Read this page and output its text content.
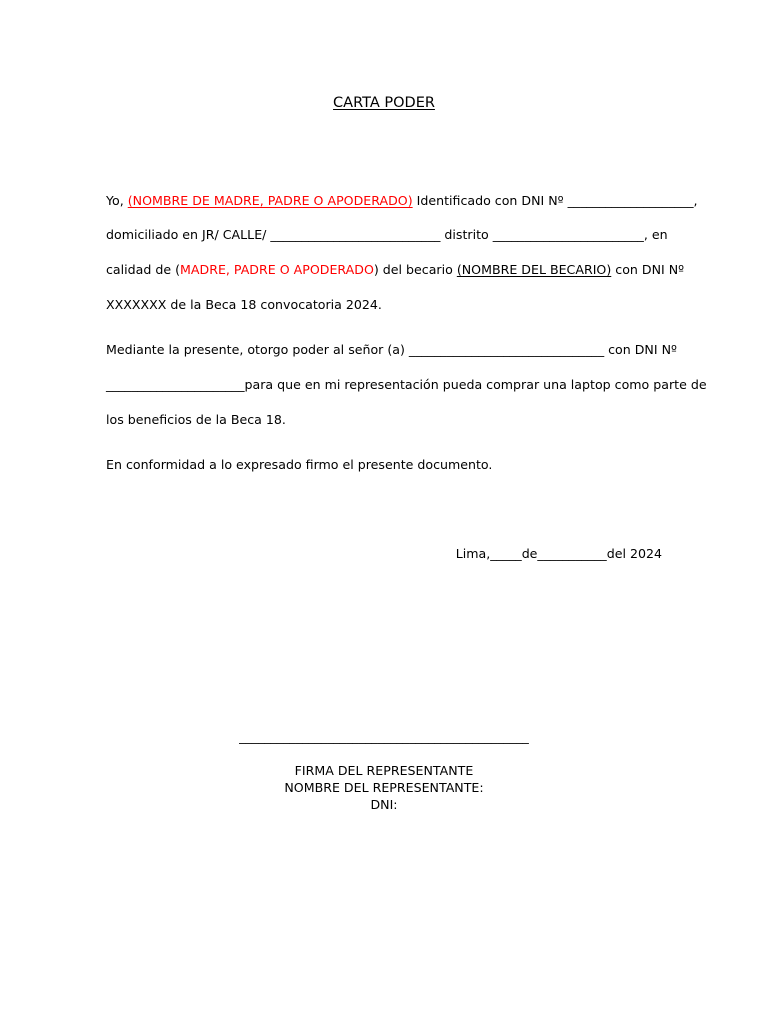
CARTA PODER
Yo, (NOMBRE DE MADRE, PADRE O APODERADO) Identificado con DNI Nº ____________________,
domiciliado en JR/ CALLE/ ___________________________ distrito ________________________, en
calidad de (MADRE, PADRE O APODERADO) del becario (NOMBRE DEL BECARIO) con DNI Nº
XXXXXXX de la Beca 18 convocatoria 2024.
Mediante la presente, otorgo poder al señor (a) _______________________________ con DNI Nº
______________________para que en mi representación pueda comprar una laptop como parte de
los beneficios de la Beca 18.
En conformidad a lo expresado firmo el presente documento.
Lima,_____de___________del 2024
______________________________________________
FIRMA DEL REPRESENTANTE
NOMBRE DEL REPRESENTANTE:
DNI:
